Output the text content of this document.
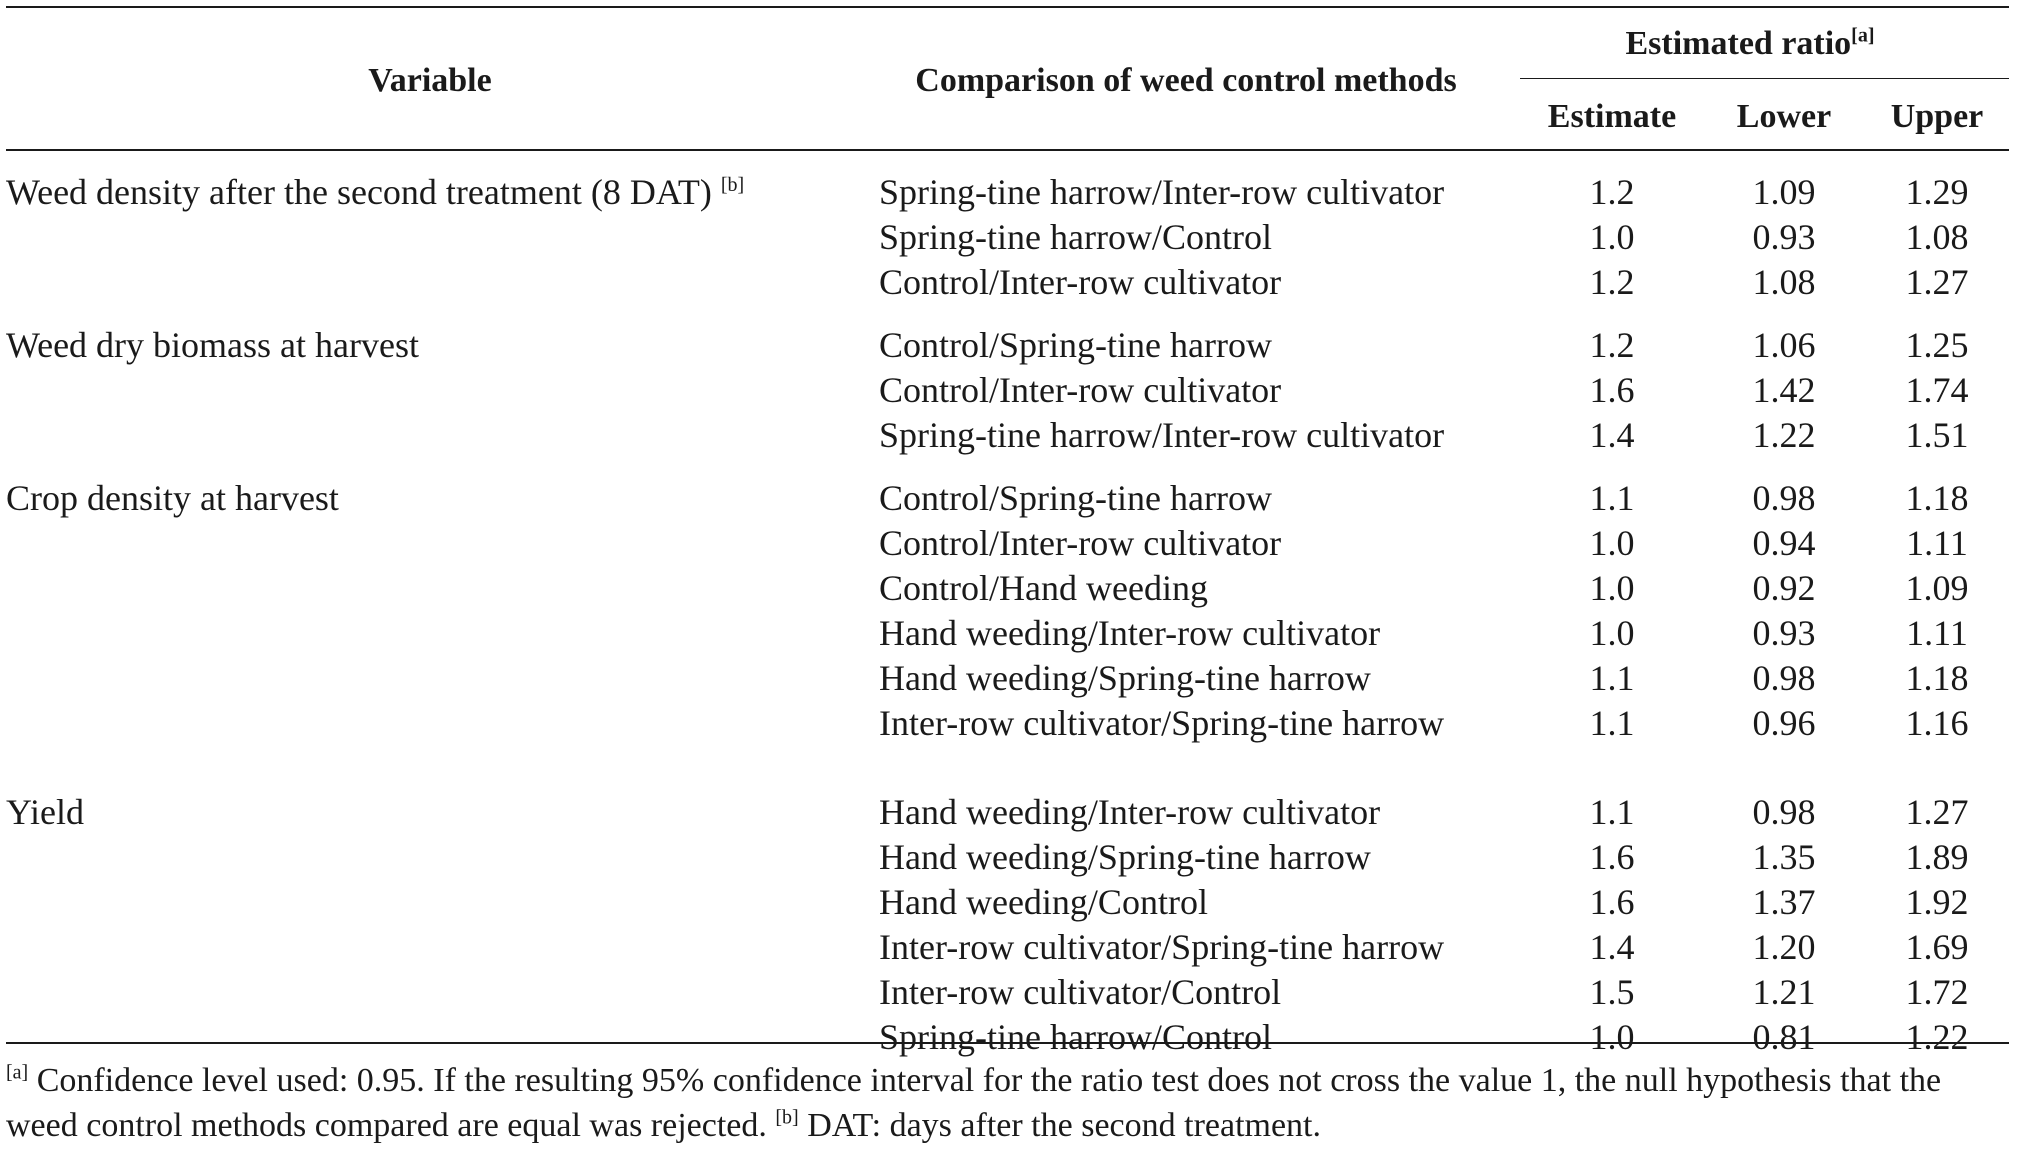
Variable	Comparison of weed control methods
Estimated ratio[a]
Estimate Lower Upper
Weed density after the second treatment (8 DAT) [b]	Spring-tine harrow/Inter-row cultivator	1.2	1.09	1.29
Spring-tine harrow/Control	1.0	0.93	1.08
Control/Inter-row cultivator	1.2	1.08	1.27
Weed dry biomass at harvest	Control/Spring-tine harrow	1.2	1.06	1.25
Control/Inter-row cultivator	1.6	1.42	1.74
Spring-tine harrow/Inter-row cultivator	1.4	1.22	1.51
Crop density at harvest	Control/Spring-tine harrow	1.1	0.98	1.18
Control/Inter-row cultivator	1.0	0.94	1.11
Control/Hand weeding	1.0	0.92	1.09
Hand weeding/Inter-row cultivator	1.0	0.93	1.11
Hand weeding/Spring-tine harrow	1.1	0.98	1.18
Inter-row cultivator/Spring-tine harrow	1.1	0.96	1.16
Yield	Hand weeding/Inter-row cultivator	1.1	0.98	1.27
Hand weeding/Spring-tine harrow	1.6	1.35	1.89
Hand weeding/Control	1.6	1.37	1.92
Inter-row cultivator/Spring-tine harrow	1.4	1.20	1.69
Inter-row cultivator/Control	1.5	1.21	1.72
Spring-tine harrow/Control	1.0	0.81	1.22
[a] Confidence level used: 0.95. If the resulting 95% confidence interval for the ratio test does not cross the value 1, the null hypothesis that the weed control methods compared are equal was rejected. [b] DAT: days after the second treatment.
